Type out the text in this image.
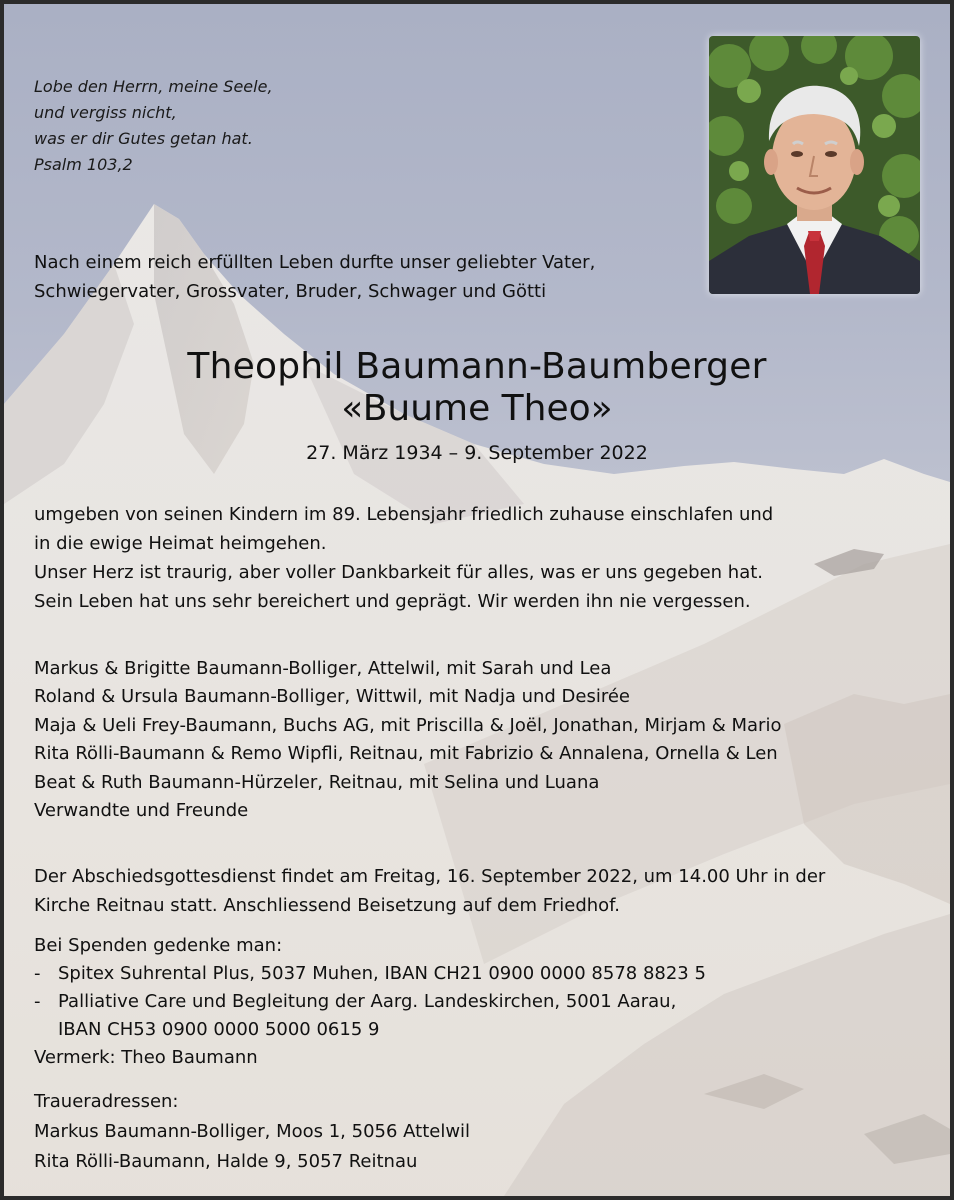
Lobe den Herrn, meine Seele,
und vergiss nicht,
was er dir Gutes getan hat.
Psalm 103,2

Nach einem reich erfüllten Leben durfte unser geliebter Vater,
Schwiegervater, Grossvater, Bruder, Schwager und Götti

Theophil Baumann-Baumberger
«Buume Theo»

27. März 1934 – 9. September 2022

umgeben von seinen Kindern im 89. Lebensjahr friedlich zuhause einschlafen und
in die ewige Heimat heimgehen.
Unser Herz ist traurig, aber voller Dankbarkeit für alles, was er uns gegeben hat.
Sein Leben hat uns sehr bereichert und geprägt. Wir werden ihn nie vergessen.

Markus & Brigitte Baumann-Bolliger, Attelwil, mit Sarah und Lea
Roland & Ursula Baumann-Bolliger, Wittwil, mit Nadja und Desirée
Maja & Ueli Frey-Baumann, Buchs AG, mit Priscilla & Joël, Jonathan, Mirjam & Mario
Rita Rölli-Baumann & Remo Wipfli, Reitnau, mit Fabrizio & Annalena, Ornella & Len
Beat & Ruth Baumann-Hürzeler, Reitnau, mit Selina und Luana
Verwandte und Freunde

Der Abschiedsgottesdienst findet am Freitag, 16. September 2022, um 14.00 Uhr in der
Kirche Reitnau statt. Anschliessend Beisetzung auf dem Friedhof.

Bei Spenden gedenke man:
- Spitex Suhrental Plus, 5037 Muhen, IBAN CH21 0900 0000 8578 8823 5
- Palliative Care und Begleitung der Aarg. Landeskirchen, 5001 Aarau,
IBAN CH53 0900 0000 5000 0615 9
Vermerk: Theo Baumann
Traueradressen:
Markus Baumann-Bolliger, Moos 1, 5056 Attelwil
Rita Rölli-Baumann, Halde 9, 5057 Reitnau
